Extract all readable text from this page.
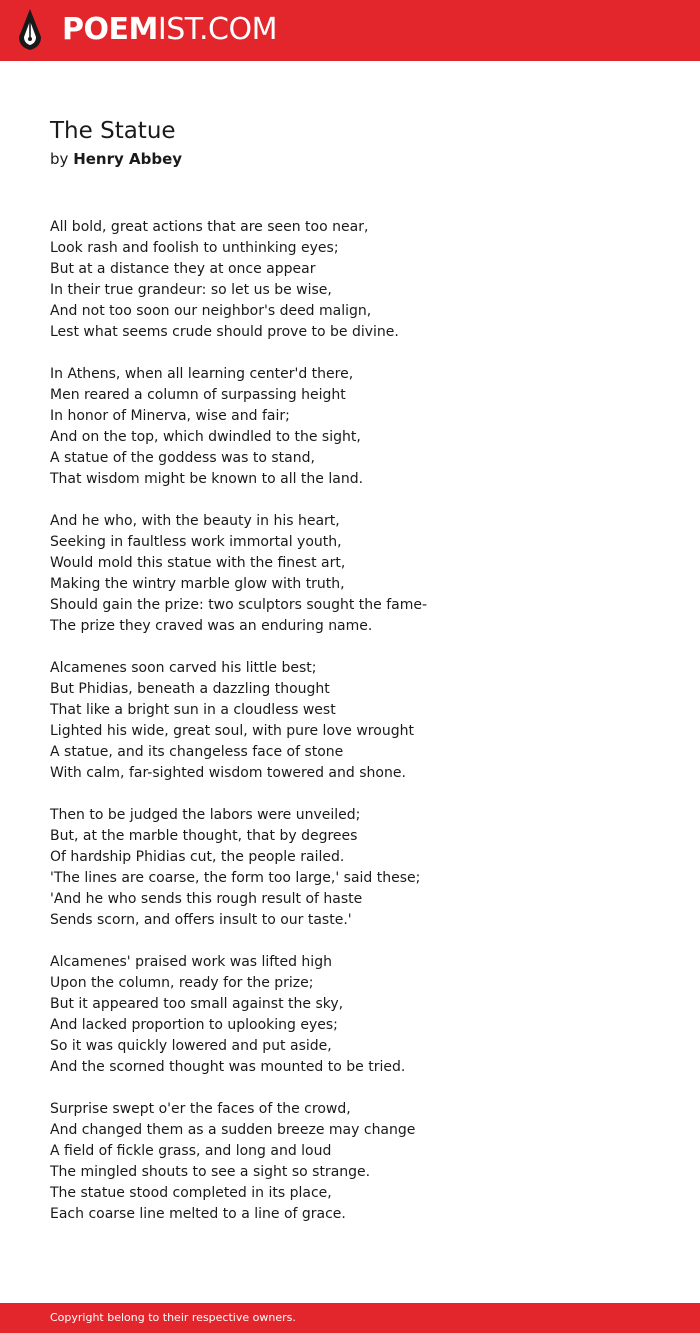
POEMIST.COM
The Statue
by Henry Abbey
All bold, great actions that are seen too near,
Look rash and foolish to unthinking eyes;
But at a distance they at once appear
In their true grandeur: so let us be wise,
And not too soon our neighbor's deed malign,
Lest what seems crude should prove to be divine.
In Athens, when all learning center'd there,
Men reared a column of surpassing height
In honor of Minerva, wise and fair;
And on the top, which dwindled to the sight,
A statue of the goddess was to stand,
That wisdom might be known to all the land.
And he who, with the beauty in his heart,
Seeking in faultless work immortal youth,
Would mold this statue with the finest art,
Making the wintry marble glow with truth,
Should gain the prize: two sculptors sought the fame-
The prize they craved was an enduring name.
Alcamenes soon carved his little best;
But Phidias, beneath a dazzling thought
That like a bright sun in a cloudless west
Lighted his wide, great soul, with pure love wrought
A statue, and its changeless face of stone
With calm, far-sighted wisdom towered and shone.
Then to be judged the labors were unveiled;
But, at the marble thought, that by degrees
Of hardship Phidias cut, the people railed.
'The lines are coarse, the form too large,' said these;
'And he who sends this rough result of haste
Sends scorn, and offers insult to our taste.'
Alcamenes' praised work was lifted high
Upon the column, ready for the prize;
But it appeared too small against the sky,
And lacked proportion to uplooking eyes;
So it was quickly lowered and put aside,
And the scorned thought was mounted to be tried.
Surprise swept o'er the faces of the crowd,
And changed them as a sudden breeze may change
A field of fickle grass, and long and loud
The mingled shouts to see a sight so strange.
The statue stood completed in its place,
Each coarse line melted to a line of grace.
Copyright belong to their respective owners.
